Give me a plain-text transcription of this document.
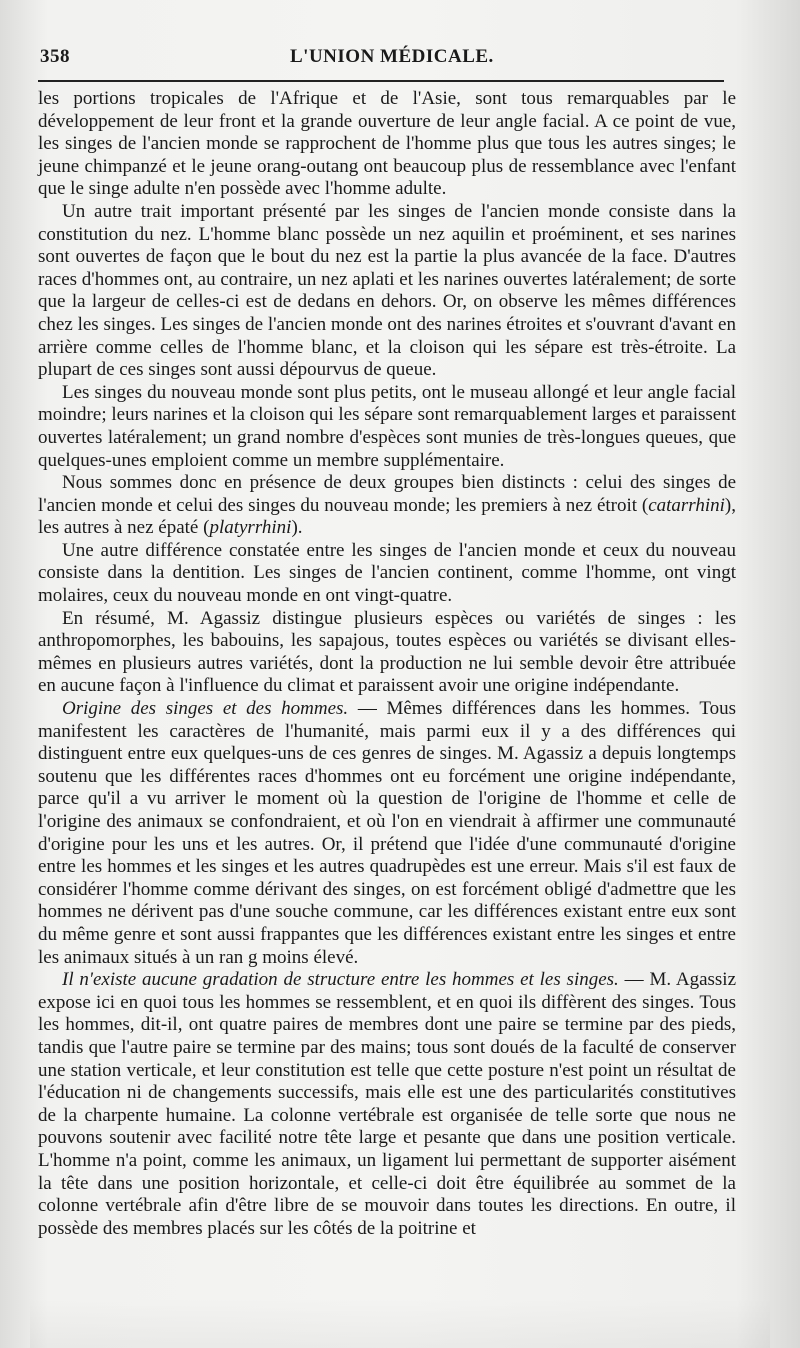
358	L'UNION MÉDICALE.

les portions tropicales de l'Afrique et de l'Asie, sont tous remarquables par le développement de leur front et la grande ouverture de leur angle facial. A ce point de vue, les singes de l'ancien monde se rapprochent de l'homme plus que tous les autres singes; le jeune chimpanzé et le jeune orang-outang ont beaucoup plus de ressemblance avec l'enfant que le singe adulte n'en possède avec l'homme adulte.

Un autre trait important présenté par les singes de l'ancien monde consiste dans la constitution du nez. L'homme blanc possède un nez aquilin et proéminent, et ses narines sont ouvertes de façon que le bout du nez est la partie la plus avancée de la face. D'autres races d'hommes ont, au contraire, un nez aplati et les narines ouvertes latéralement; de sorte que la largeur de celles-ci est de dedans en dehors. Or, on observe les mêmes différences chez les singes. Les singes de l'ancien monde ont des narines étroites et s'ouvrant d'avant en arrière comme celles de l'homme blanc, et la cloison qui les sépare est très-étroite. La plupart de ces singes sont aussi dépourvus de queue.

Les singes du nouveau monde sont plus petits, ont le museau allongé et leur angle facial moindre; leurs narines et la cloison qui les sépare sont remarquablement larges et paraissent ouvertes latéralement; un grand nombre d'espèces sont munies de très-longues queues, que quelques-unes emploient comme un membre supplémentaire.

Nous sommes donc en présence de deux groupes bien distincts : celui des singes de l'ancien monde et celui des singes du nouveau monde; les premiers à nez étroit (catarrhini), les autres à nez épaté (platyrrhini).

Une autre différence constatée entre les singes de l'ancien monde et ceux du nouveau consiste dans la dentition. Les singes de l'ancien continent, comme l'homme, ont vingt molaires, ceux du nouveau monde en ont vingt-quatre.

En résumé, M. Agassiz distingue plusieurs espèces ou variétés de singes : les anthropomorphes, les babouins, les sapajous, toutes espèces ou variétés se divisant elles-mêmes en plusieurs autres variétés, dont la production ne lui semble devoir être attribuée en aucune façon à l'influence du climat et paraissent avoir une origine indépendante.

Origine des singes et des hommes. — Mêmes différences dans les hommes. Tous manifestent les caractères de l'humanité, mais parmi eux il y a des différences qui distinguent entre eux quelques-uns de ces genres de singes. M. Agassiz a depuis longtemps soutenu que les différentes races d'hommes ont eu forcément une origine indépendante, parce qu'il a vu arriver le moment où la question de l'origine de l'homme et celle de l'origine des animaux se confondraient, et où l'on en viendrait à affirmer une communauté d'origine pour les uns et les autres. Or, il prétend que l'idée d'une communauté d'origine entre les hommes et les singes et les autres quadrupèdes est une erreur. Mais s'il est faux de considérer l'homme comme dérivant des singes, on est forcément obligé d'admettre que les hommes ne dérivent pas d'une souche commune, car les différences existant entre eux sont du même genre et sont aussi frappantes que les différences existant entre les singes et entre les animaux situés à un ran g moins élevé.

Il n'existe aucune gradation de structure entre les hommes et les singes. — M. Agassiz expose ici en quoi tous les hommes se ressemblent, et en quoi ils diffèrent des singes. Tous les hommes, dit-il, ont quatre paires de membres dont une paire se termine par des pieds, tandis que l'autre paire se termine par des mains; tous sont doués de la faculté de conserver une station verticale, et leur constitution est telle que cette posture n'est point un résultat de l'éducation ni de changements successifs, mais elle est une des particularités constitutives de la charpente humaine. La colonne vertébrale est organisée de telle sorte que nous ne pouvons soutenir avec facilité notre tête large et pesante que dans une position verticale. L'homme n'a point, comme les animaux, un ligament lui permettant de supporter aisément la tête dans une position horizontale, et celle-ci doit être équilibrée au sommet de la colonne vertébrale afin d'être libre de se mouvoir dans toutes les directions. En outre, il possède des membres placés sur les côtés de la poitrine et
